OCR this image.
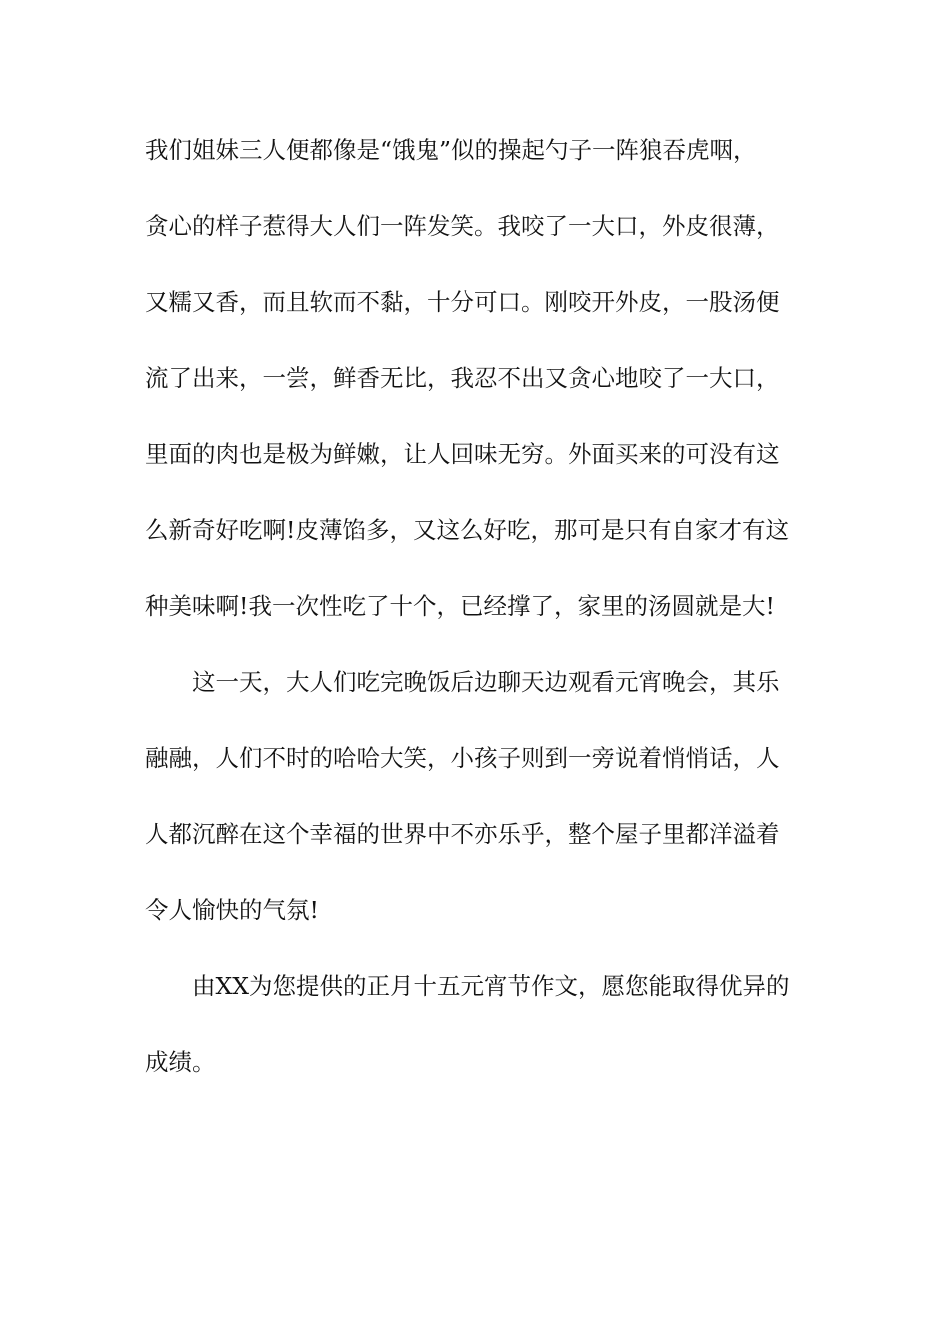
我们姐妹三人便都像是“饿鬼”似的操起勺子一阵狼吞虎咽，
贪心的样子惹得大人们一阵发笑。我咬了一大口，外皮很薄，
又糯又香，而且软而不黏，十分可口。刚咬开外皮，一股汤便
流了出来，一尝，鲜香无比，我忍不出又贪心地咬了一大口，
里面的肉也是极为鲜嫩，让人回味无穷。外面买来的可没有这
么新奇好吃啊!皮薄馅多，又这么好吃，那可是只有自家才有这
种美味啊!我一次性吃了十个，已经撑了，家里的汤圆就是大!
这一天，大人们吃完晚饭后边聊天边观看元宵晚会，其乐
融融，人们不时的哈哈大笑，小孩子则到一旁说着悄悄话，人
人都沉醉在这个幸福的世界中不亦乐乎，整个屋子里都洋溢着
令人愉快的气氛!
由XX为您提供的正月十五元宵节作文，愿您能取得优异的
成绩。
